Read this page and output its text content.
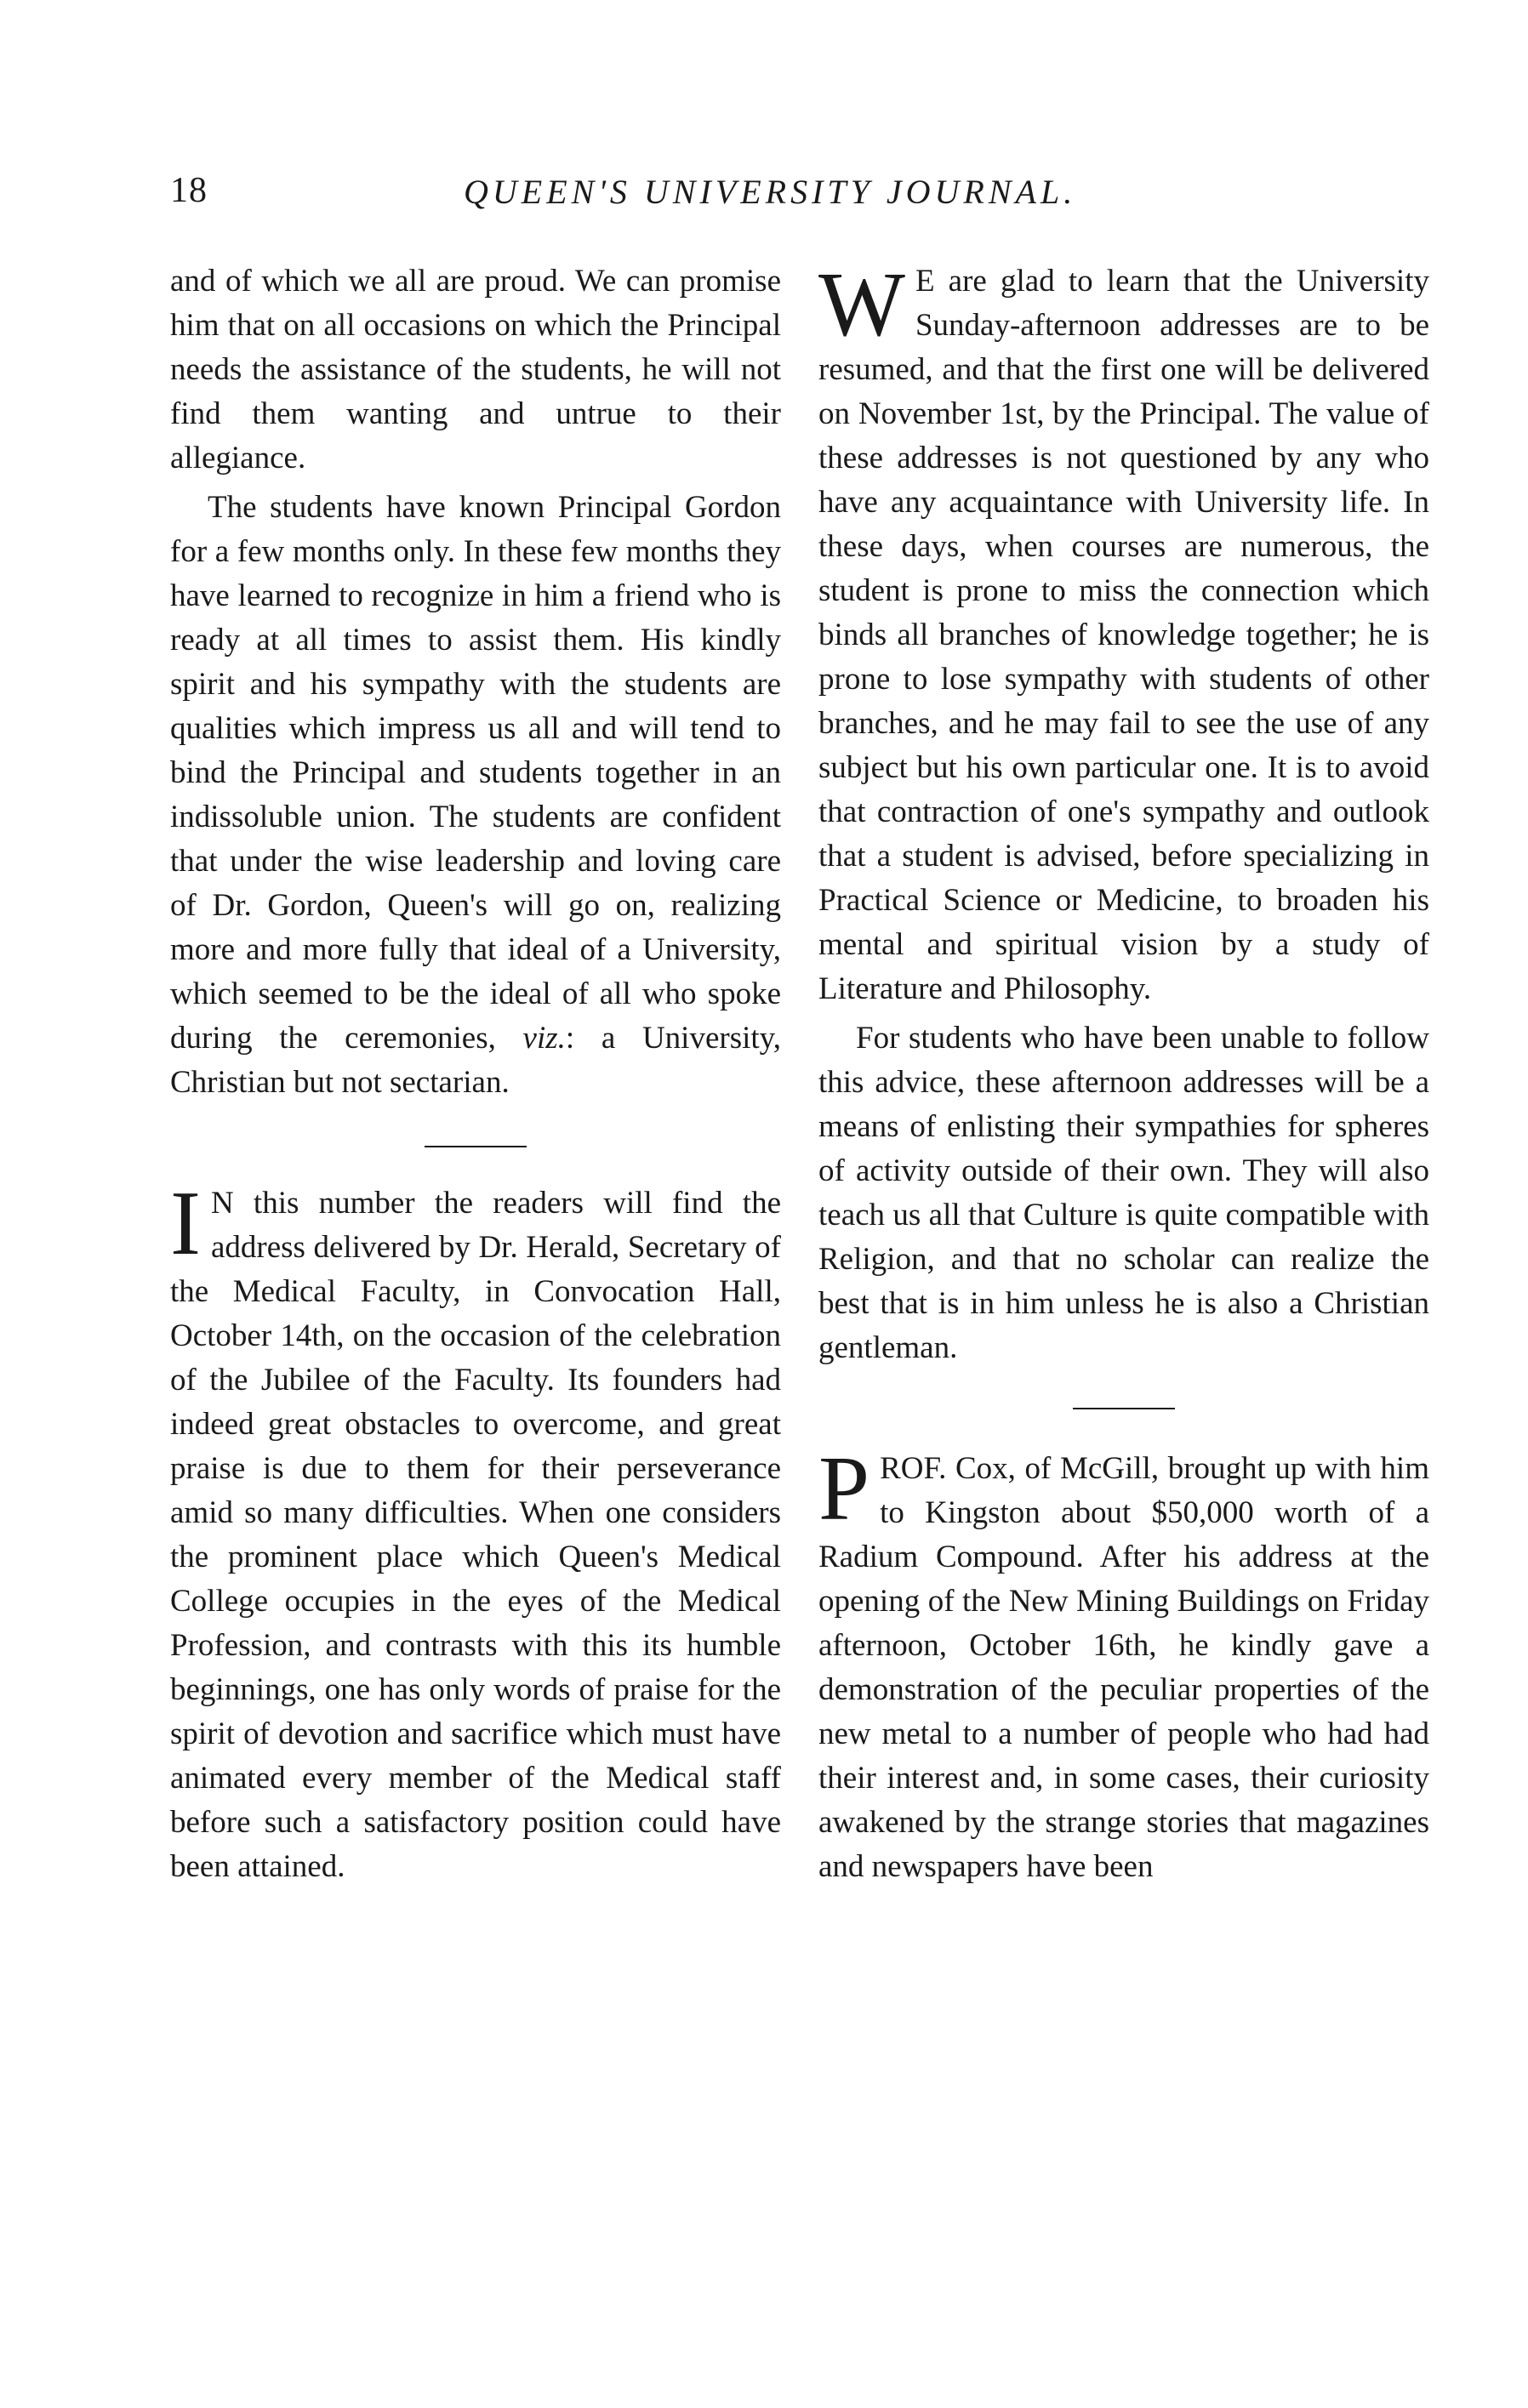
18	QUEEN'S UNIVERSITY JOURNAL.

and of which we all are proud. We can promise him that on all occasions on which the Principal needs the assistance of the students, he will not find them wanting and untrue to their allegiance.

The students have known Principal Gordon for a few months only. In these few months they have learned to recognize in him a friend who is ready at all times to assist them. His kindly spirit and his sympathy with the students are qualities which impress us all and will tend to bind the Principal and students together in an indissoluble union. The students are confident that under the wise leadership and loving care of Dr. Gordon, Queen's will go on, realizing more and more fully that ideal of a University, which seemed to be the ideal of all who spoke during the ceremonies, viz.: a University, Christian but not sectarian.

I N this number the readers will find the address delivered by Dr. Herald, Secretary of the Medical Faculty, in Convocation Hall, October 14th, on the occasion of the celebration of the Jubilee of the Faculty. Its founders had indeed great obstacles to overcome, and great praise is due to them for their perseverance amid so many difficulties. When one considers the prominent place which Queen's Medical College occupies in the eyes of the Medical Profession, and contrasts with this its humble beginnings, one has only words of praise for the spirit of devotion and sacrifice which must have animated every member of the Medical staff before such a satisfactory position could have been attained.

W E are glad to learn that the University Sunday-afternoon addresses are to be resumed, and that the first one will be delivered on November 1st, by the Principal. The value of these addresses is not questioned by any who have any acquaintance with University life. In these days, when courses are numerous, the student is prone to miss the connection which binds all branches of knowledge together; he is prone to lose sympathy with students of other branches, and he may fail to see the use of any subject but his own particular one. It is to avoid that contraction of one's sympathy and outlook that a student is advised, before specializing in Practical Science or Medicine, to broaden his mental and spiritual vision by a study of Literature and Philosophy.

For students who have been unable to follow this advice, these afternoon addresses will be a means of enlisting their sympathies for spheres of activity outside of their own. They will also teach us all that Culture is quite compatible with Religion, and that no scholar can realize the best that is in him unless he is also a Christian gentleman.

PROF. Cox, of McGill, brought up with him to Kingston about $50,000 worth of a Radium Compound. After his address at the opening of the New Mining Buildings on Friday afternoon, October 16th, he kindly gave a demonstration of the peculiar properties of the new metal to a number of people who had had their interest and, in some cases, their curiosity awakened by the strange stories that magazines and newspapers have been
